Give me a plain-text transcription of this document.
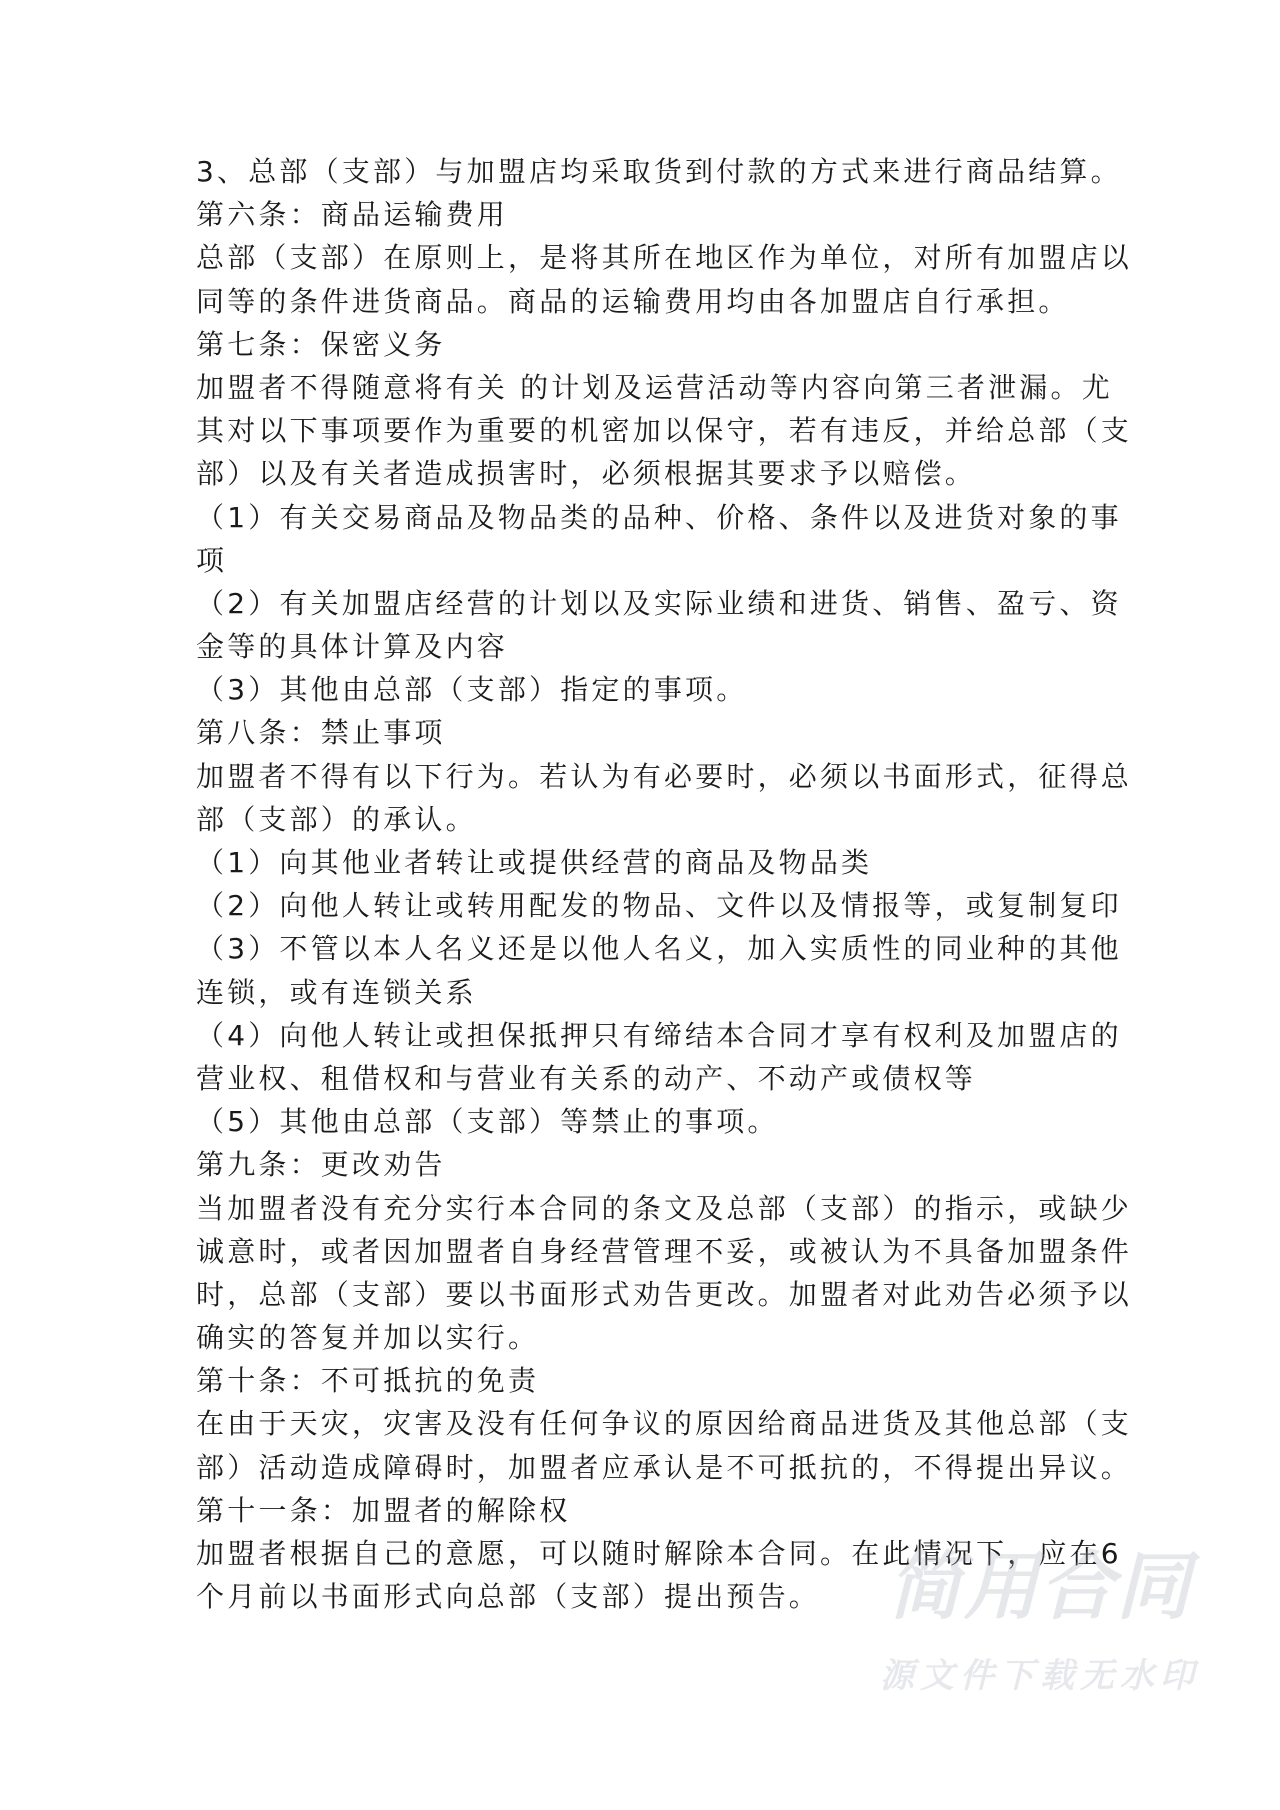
3、总部（支部）与加盟店均采取货到付款的方式来进行商品结算。
第六条：商品运输费用
总部（支部）在原则上，是将其所在地区作为单位，对所有加盟店以
同等的条件进货商品。商品的运输费用均由各加盟店自行承担。
第七条：保密义务
加盟者不得随意将有关 的计划及运营活动等内容向第三者泄漏。尤
其对以下事项要作为重要的机密加以保守，若有违反，并给总部（支
部）以及有关者造成损害时，必须根据其要求予以赔偿。
（1）有关交易商品及物品类的品种、价格、条件以及进货对象的事
项
（2）有关加盟店经营的计划以及实际业绩和进货、销售、盈亏、资
金等的具体计算及内容
（3）其他由总部（支部）指定的事项。
第八条：禁止事项
加盟者不得有以下行为。若认为有必要时，必须以书面形式，征得总
部（支部）的承认。
（1）向其他业者转让或提供经营的商品及物品类
（2）向他人转让或转用配发的物品、文件以及情报等，或复制复印
（3）不管以本人名义还是以他人名义，加入实质性的同业种的其他
连锁，或有连锁关系
（4）向他人转让或担保抵押只有缔结本合同才享有权利及加盟店的
营业权、租借权和与营业有关系的动产、不动产或债权等
（5）其他由总部（支部）等禁止的事项。
第九条：更改劝告
当加盟者没有充分实行本合同的条文及总部（支部）的指示，或缺少
诚意时，或者因加盟者自身经营管理不妥，或被认为不具备加盟条件
时，总部（支部）要以书面形式劝告更改。加盟者对此劝告必须予以
确实的答复并加以实行。
第十条：不可抵抗的免责
在由于天灾，灾害及没有任何争议的原因给商品进货及其他总部（支
部）活动造成障碍时，加盟者应承认是不可抵抗的，不得提出异议。
第十一条：加盟者的解除权
加盟者根据自己的意愿，可以随时解除本合同。在此情况下，应在6
个月前以书面形式向总部（支部）提出预告。 简用合同
源文件下载无水印
